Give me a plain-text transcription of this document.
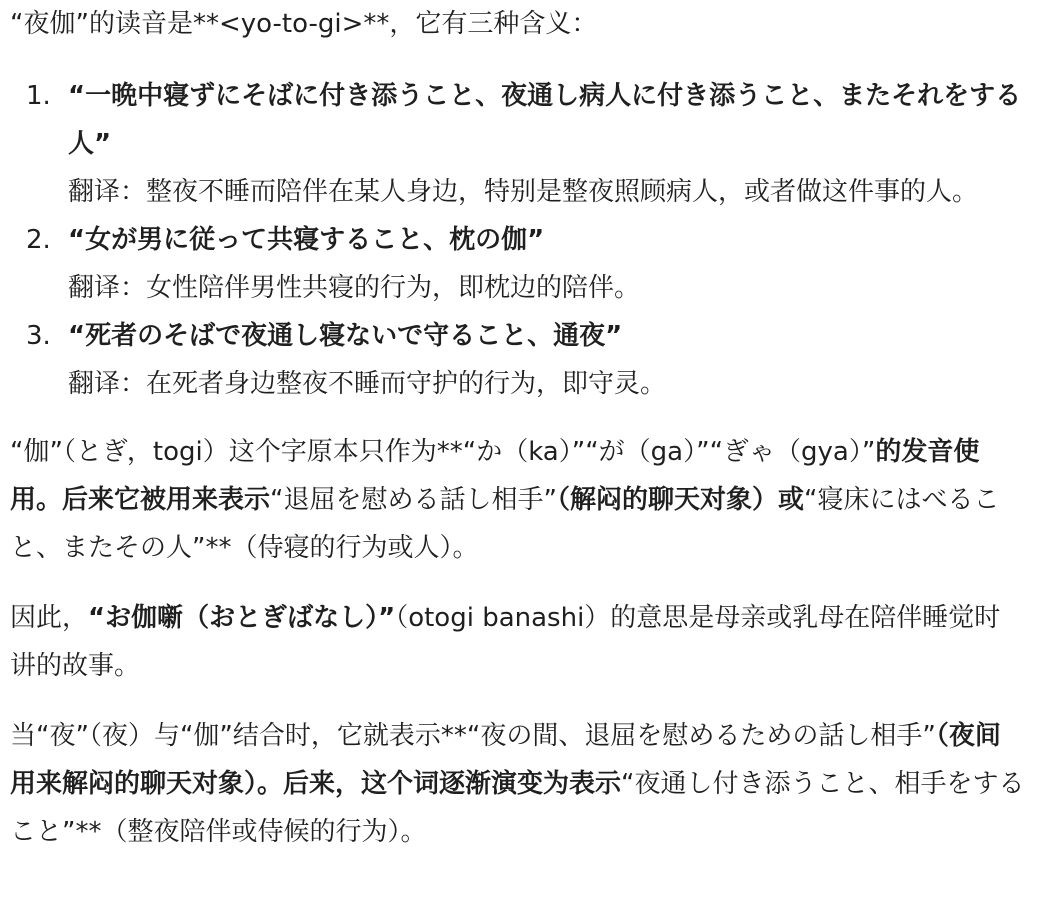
“夜伽”的读音是**<yo-to-gi>**，它有三种含义：

1. “一晩中寝ずにそばに付き添うこと、夜通し病人に付き添うこと、またそれをする人”
翻译：整夜不睡而陪伴在某人身边，特别是整夜照顾病人，或者做这件事的人。
2. “女が男に従って共寝すること、枕の伽”
翻译：女性陪伴男性共寝的行为，即枕边的陪伴。
3. “死者のそばで夜通し寝ないで守ること、通夜”
翻译：在死者身边整夜不睡而守护的行为，即守灵。

“伽”（とぎ，togi）这个字原本只作为**“か（ka）”“が（ga）”“ぎゃ（gya）”的发音使用。后来它被用来表示“退屈を慰める話し相手”（解闷的聊天对象）或“寝床にはべること、またその人”**（侍寝的行为或人）。

因此，“お伽噺（おとぎばなし）”（otogi banashi）的意思是母亲或乳母在陪伴睡觉时讲的故事。

当“夜”（夜）与“伽”结合时，它就表示**“夜の間、退屈を慰めるための話し相手”（夜间用来解闷的聊天对象）。后来，这个词逐渐演变为表示“夜通し付き添うこと、相手をすること”**（整夜陪伴或侍候的行为）。
